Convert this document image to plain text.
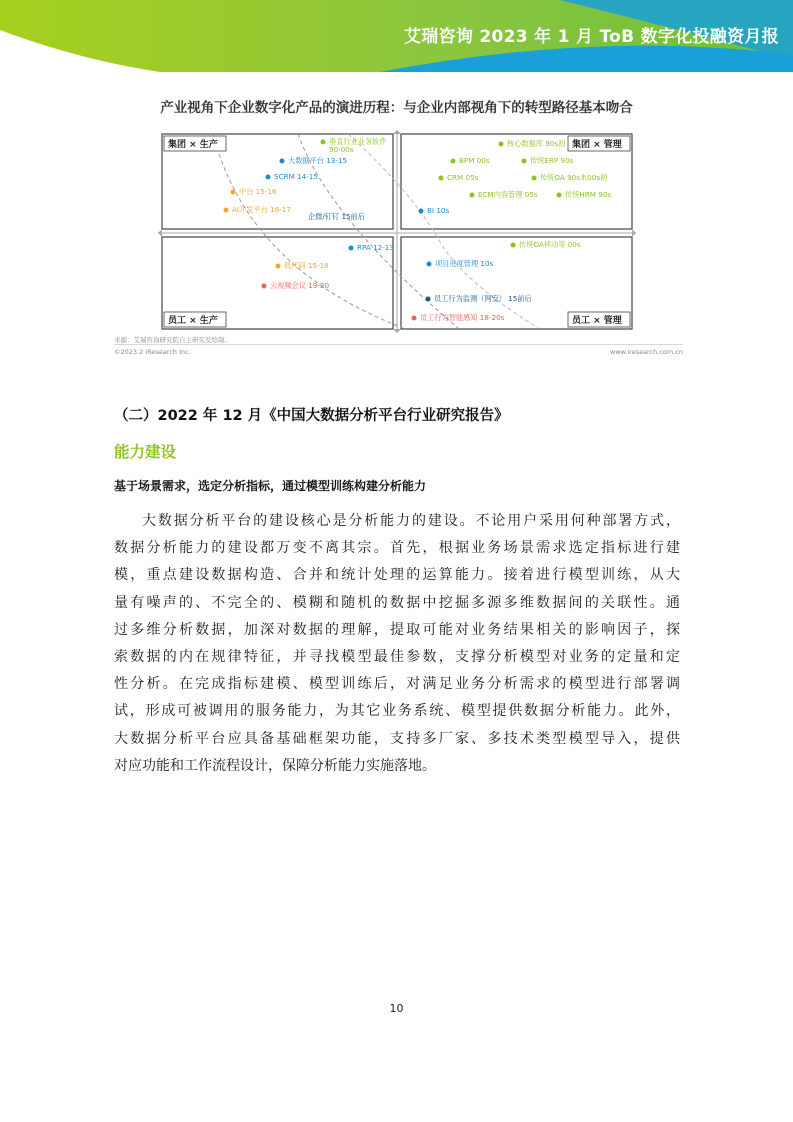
艾瑞咨询 2023 年 1 月 ToB 数字化投融资月报
产业视角下企业数字化产品的演进历程：与企业内部视角下的转型路径基本吻合
集团 × 生产	集团 × 管理
员工 × 生产	员工 × 管理
垂直行业业务软件
90-00s
大数据平台 13-15
SCRM 14-15
中台 15-16
AI开发平台 16-17
企微/钉钉 15前后
核心数据库 90s初
BPM 00s	传统ERP 90s
CRM 05s	传统OA 90s末00s初
ECM内容管理 05s	传统HRM 90s
BI 10s
RPA 12-13
低代码 15-18
云视频会议 19-20
传统OA移动等 00s
项目进度管理 10s
员工行为监测（网安） 15前后
员工行为智能感知 18-20s
来源：艾瑞咨询研究院自主研究及绘制。
©2023.2 iResearch Inc.	www.iresearch.com.cn
（二）2022 年 12 月《中国大数据分析平台行业研究报告》
能力建设
基于场景需求，选定分析指标，通过模型训练构建分析能力
大数据分析平台的建设核心是分析能力的建设。不论用户采用何种部署方式，
数据分析能力的建设都万变不离其宗。首先，根据业务场景需求选定指标进行建
模，重点建设数据构造、合并和统计处理的运算能力。接着进行模型训练，从大
量有噪声的、不完全的、模糊和随机的数据中挖掘多源多维数据间的关联性。通
过多维分析数据，加深对数据的理解，提取可能对业务结果相关的影响因子，探
索数据的内在规律特征，并寻找模型最佳参数，支撑分析模型对业务的定量和定
性分析。在完成指标建模、模型训练后，对满足业务分析需求的模型进行部署调
试，形成可被调用的服务能力，为其它业务系统、模型提供数据分析能力。此外，
大数据分析平台应具备基础框架功能，支持多厂家、多技术类型模型导入，提供
对应功能和工作流程设计，保障分析能力实施落地。
10
